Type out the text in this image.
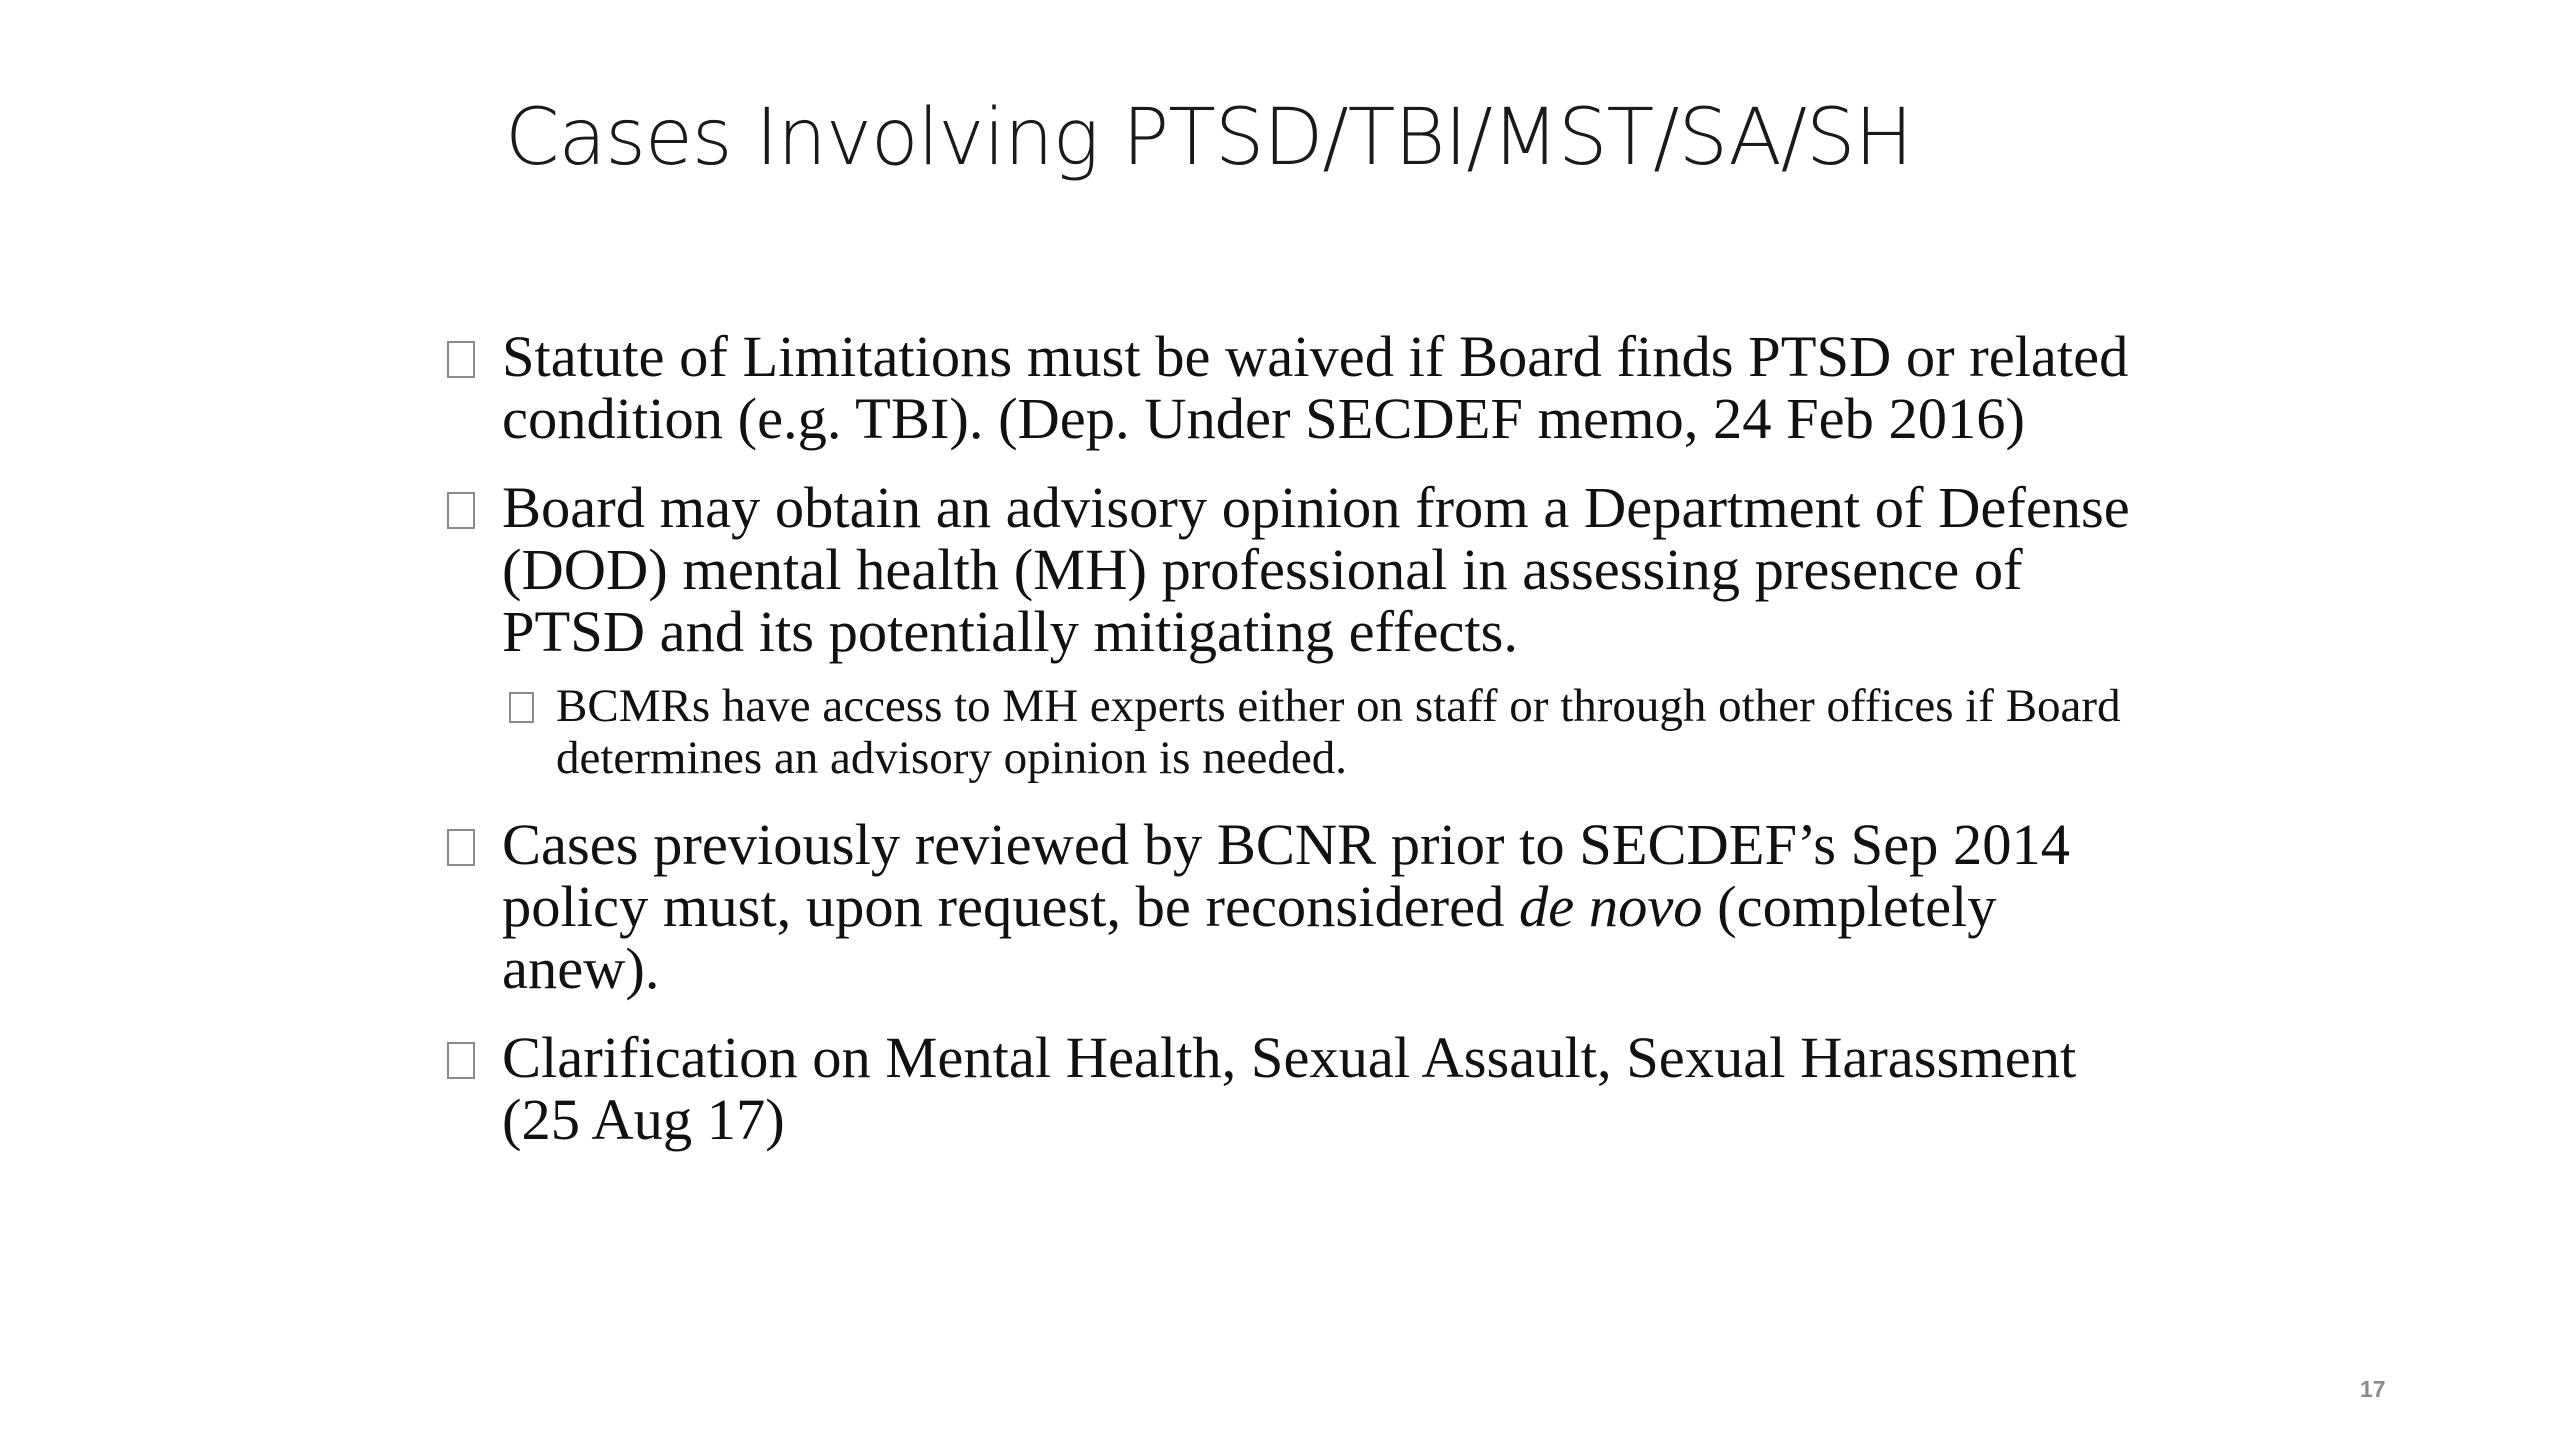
Cases Involving PTSD/TBI/MST/SA/SH

Statute of Limitations must be waived if Board finds PTSD or related condition (e.g. TBI). (Dep. Under SECDEF memo, 24 Feb 2016)

Board may obtain an advisory opinion from a Department of Defense (DOD) mental health (MH) professional in assessing presence of PTSD and its potentially mitigating effects.

BCMRs have access to MH experts either on staff or through other offices if Board determines an advisory opinion is needed.

Cases previously reviewed by BCNR prior to SECDEF’s Sep 2014 policy must, upon request, be reconsidered de novo (completely anew).

Clarification on Mental Health, Sexual Assault, Sexual Harassment (25 Aug 17)

17
